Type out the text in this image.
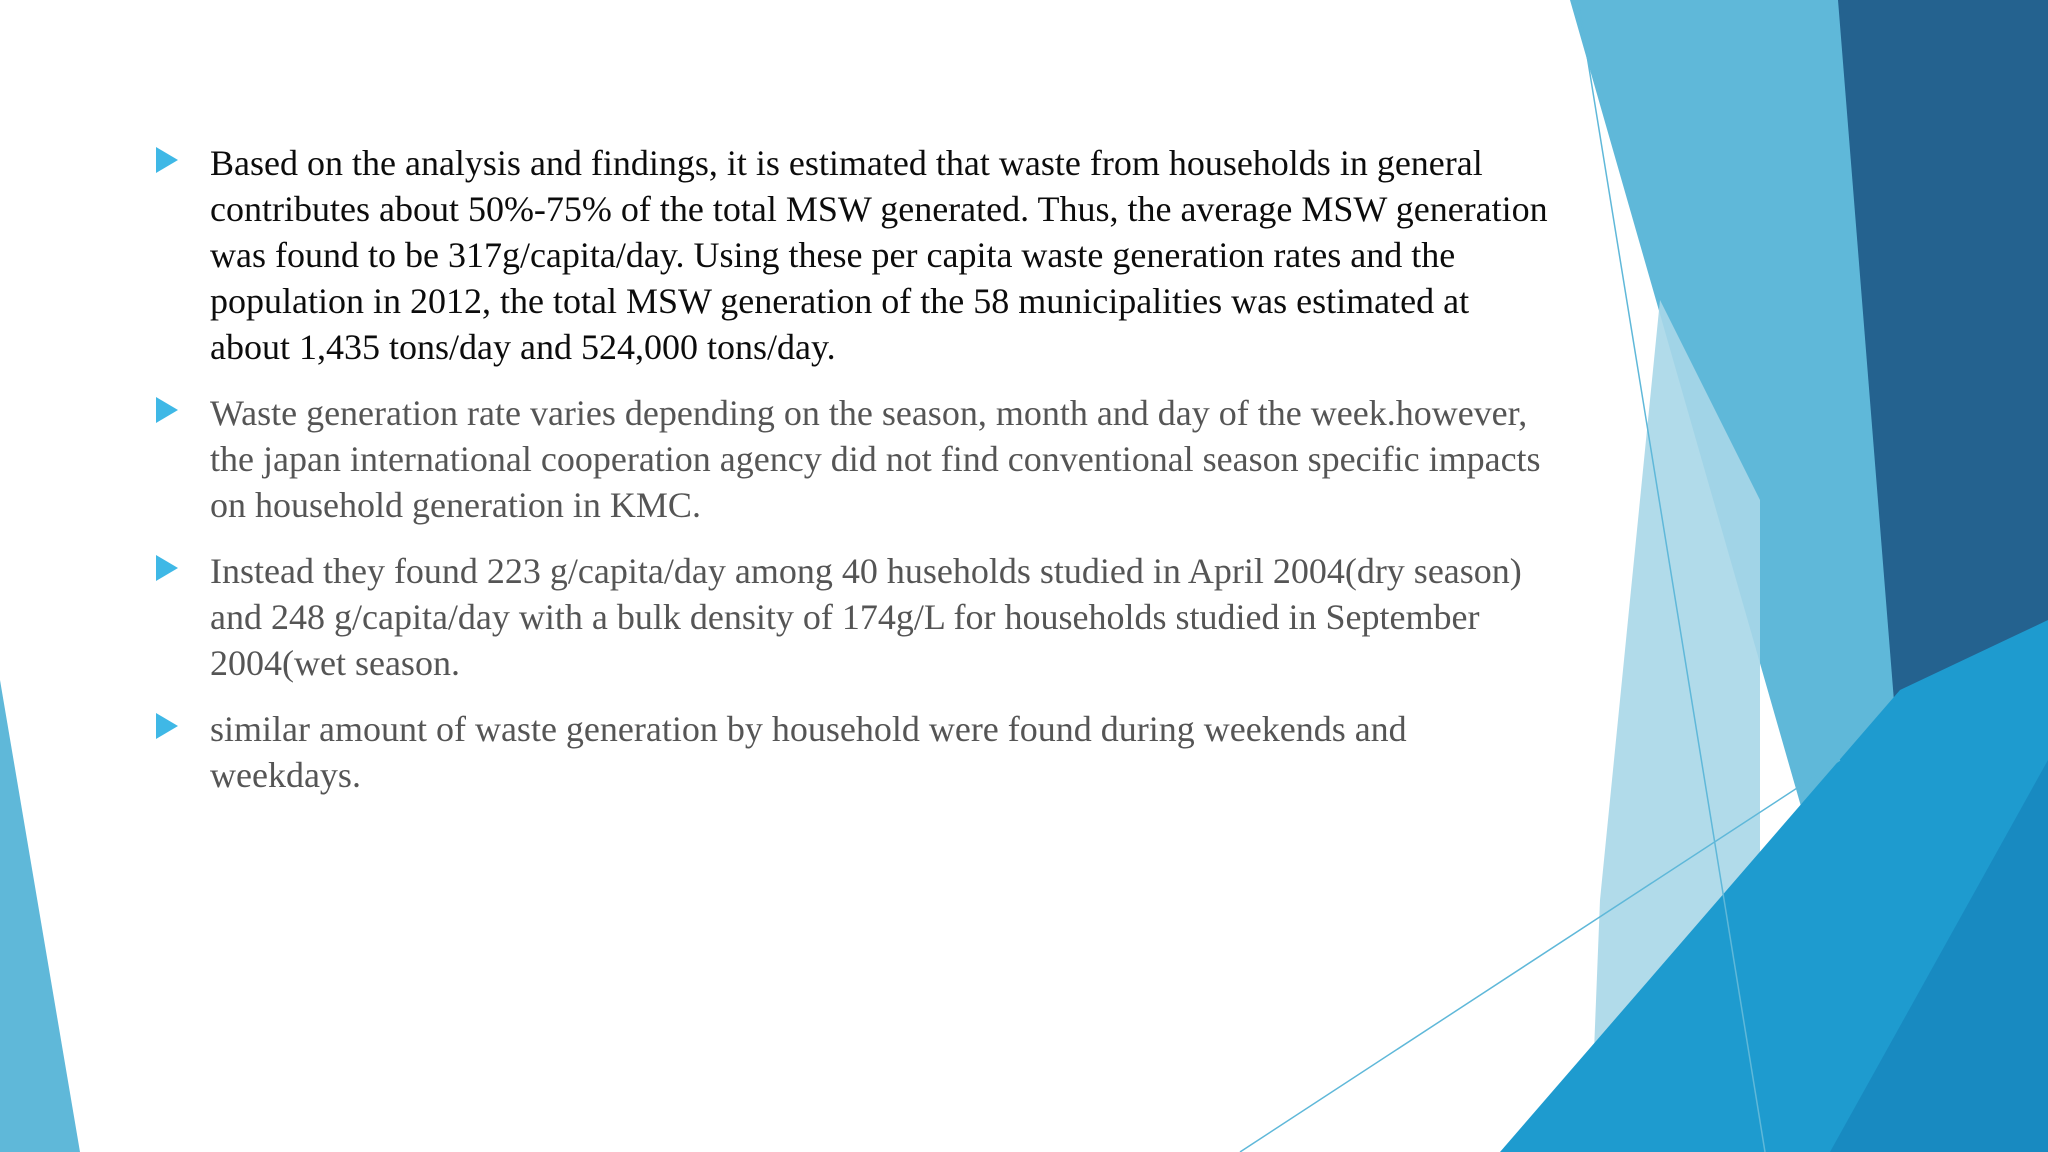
Based on the analysis and findings, it is estimated that waste from households in general contributes about 50%-75% of the total MSW generated. Thus, the average MSW generation was found to be 317g/capita/day. Using these per capita waste generation rates and the population in 2012, the total MSW generation of the 58 municipalities was estimated at about 1,435 tons/day and 524,000 tons/day.
Waste generation rate varies depending on the season, month and day of the week.however, the japan international cooperation agency did not find conventional season specific impacts on household generation in KMC.
Instead they found 223 g/capita/day among 40 huseholds studied in April 2004(dry season) and 248 g/capita/day with a bulk density of 174g/L for households studied in September 2004(wet season.
similar amount of waste generation by household were found during weekends and weekdays.
